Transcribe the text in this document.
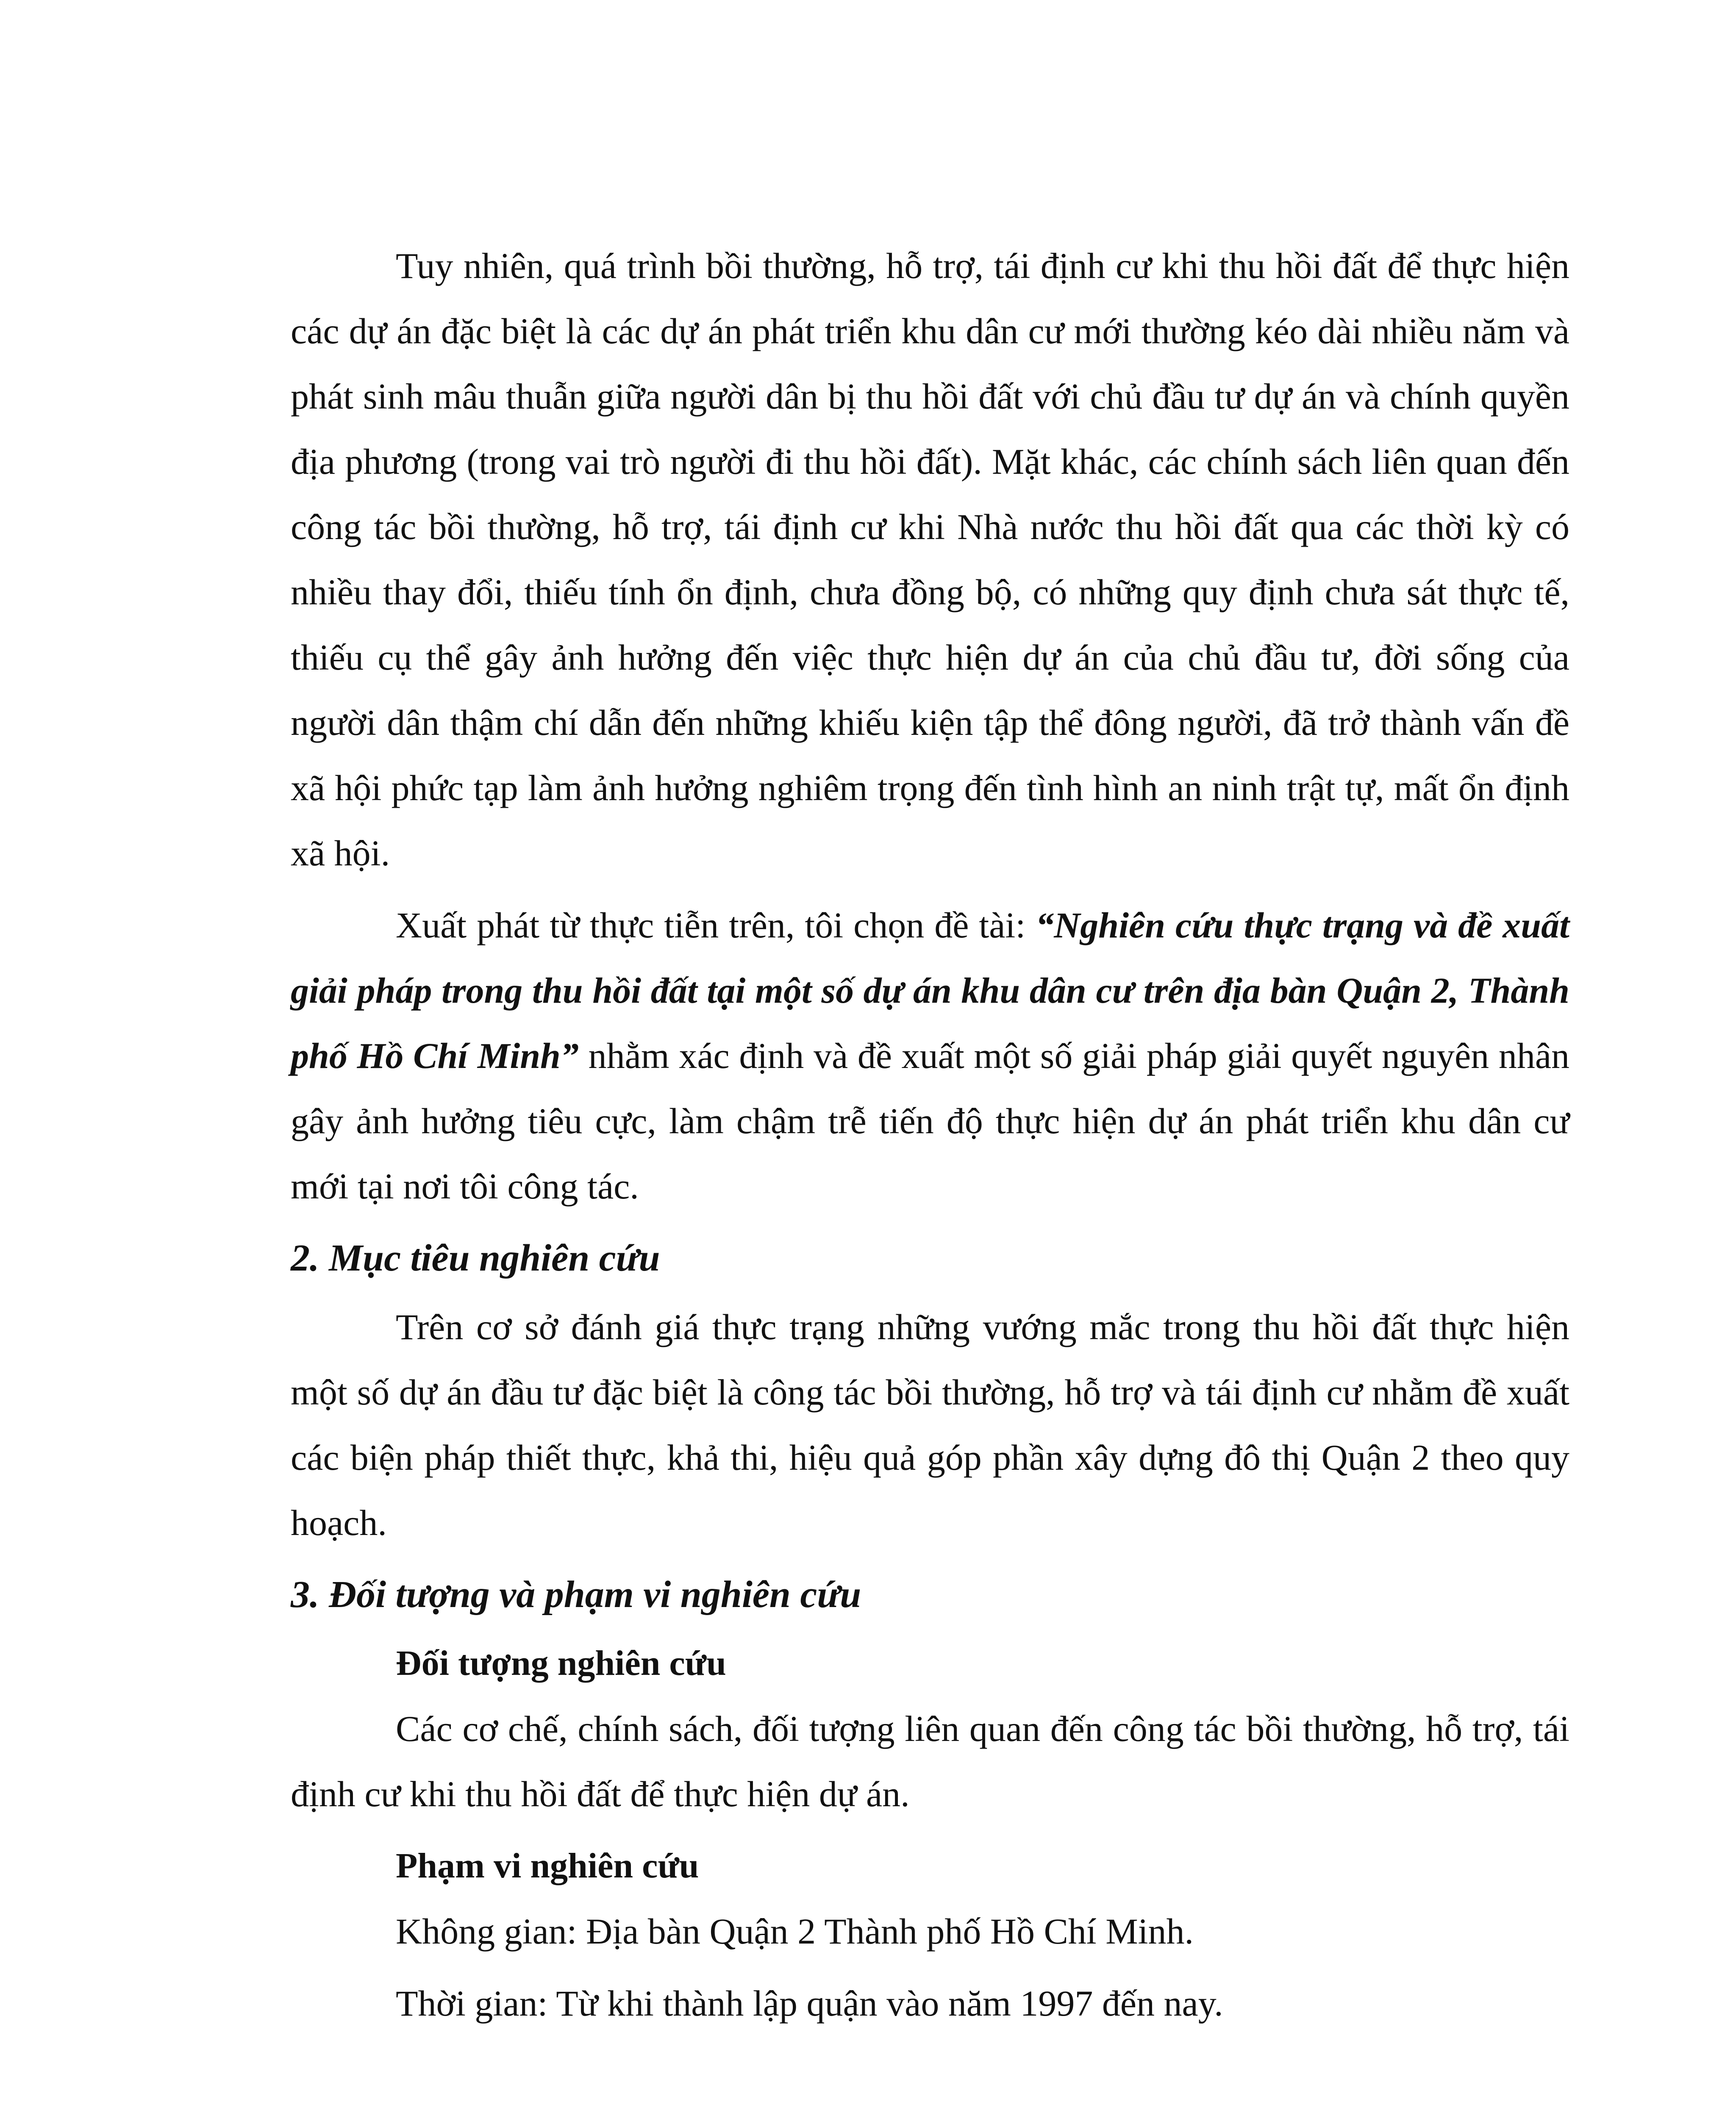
Tuy nhiên, quá trình bồi thường, hỗ trợ, tái định cư khi thu hồi đất để thực hiện các dự án đặc biệt là các dự án phát triển khu dân cư mới thường kéo dài nhiều năm và phát sinh mâu thuẫn giữa người dân bị thu hồi đất với chủ đầu tư dự án và chính quyền địa phương (trong vai trò người đi thu hồi đất). Mặt khác, các chính sách liên quan đến công tác bồi thường, hỗ trợ, tái định cư khi Nhà nước thu hồi đất qua các thời kỳ có nhiều thay đổi, thiếu tính ổn định, chưa đồng bộ, có những quy định chưa sát thực tế, thiếu cụ thể gây ảnh hưởng đến việc thực hiện dự án của chủ đầu tư, đời sống của người dân thậm chí dẫn đến những khiếu kiện tập thể đông người, đã trở thành vấn đề xã hội phức tạp làm ảnh hưởng nghiêm trọng đến tình hình an ninh trật tự, mất ổn định xã hội.

Xuất phát từ thực tiễn trên, tôi chọn đề tài: “Nghiên cứu thực trạng và đề xuất giải pháp trong thu hồi đất tại một số dự án khu dân cư trên địa bàn Quận 2, Thành phố Hồ Chí Minh” nhằm xác định và đề xuất một số giải pháp giải quyết nguyên nhân gây ảnh hưởng tiêu cực, làm chậm trễ tiến độ thực hiện dự án phát triển khu dân cư mới tại nơi tôi công tác.

2. Mục tiêu nghiên cứu

Trên cơ sở đánh giá thực trạng những vướng mắc trong thu hồi đất thực hiện một số dự án đầu tư đặc biệt là công tác bồi thường, hỗ trợ và tái định cư nhằm đề xuất các biện pháp thiết thực, khả thi, hiệu quả góp phần xây dựng đô thị Quận 2 theo quy hoạch.

3. Đối tượng và phạm vi nghiên cứu
Đối tượng nghiên cứu

Các cơ chế, chính sách, đối tượng liên quan đến công tác bồi thường, hỗ trợ, tái định cư khi thu hồi đất để thực hiện dự án.

Phạm vi nghiên cứu
Không gian: Địa bàn Quận 2 Thành phố Hồ Chí Minh.
Thời gian: Từ khi thành lập quận vào năm 1997 đến nay.
